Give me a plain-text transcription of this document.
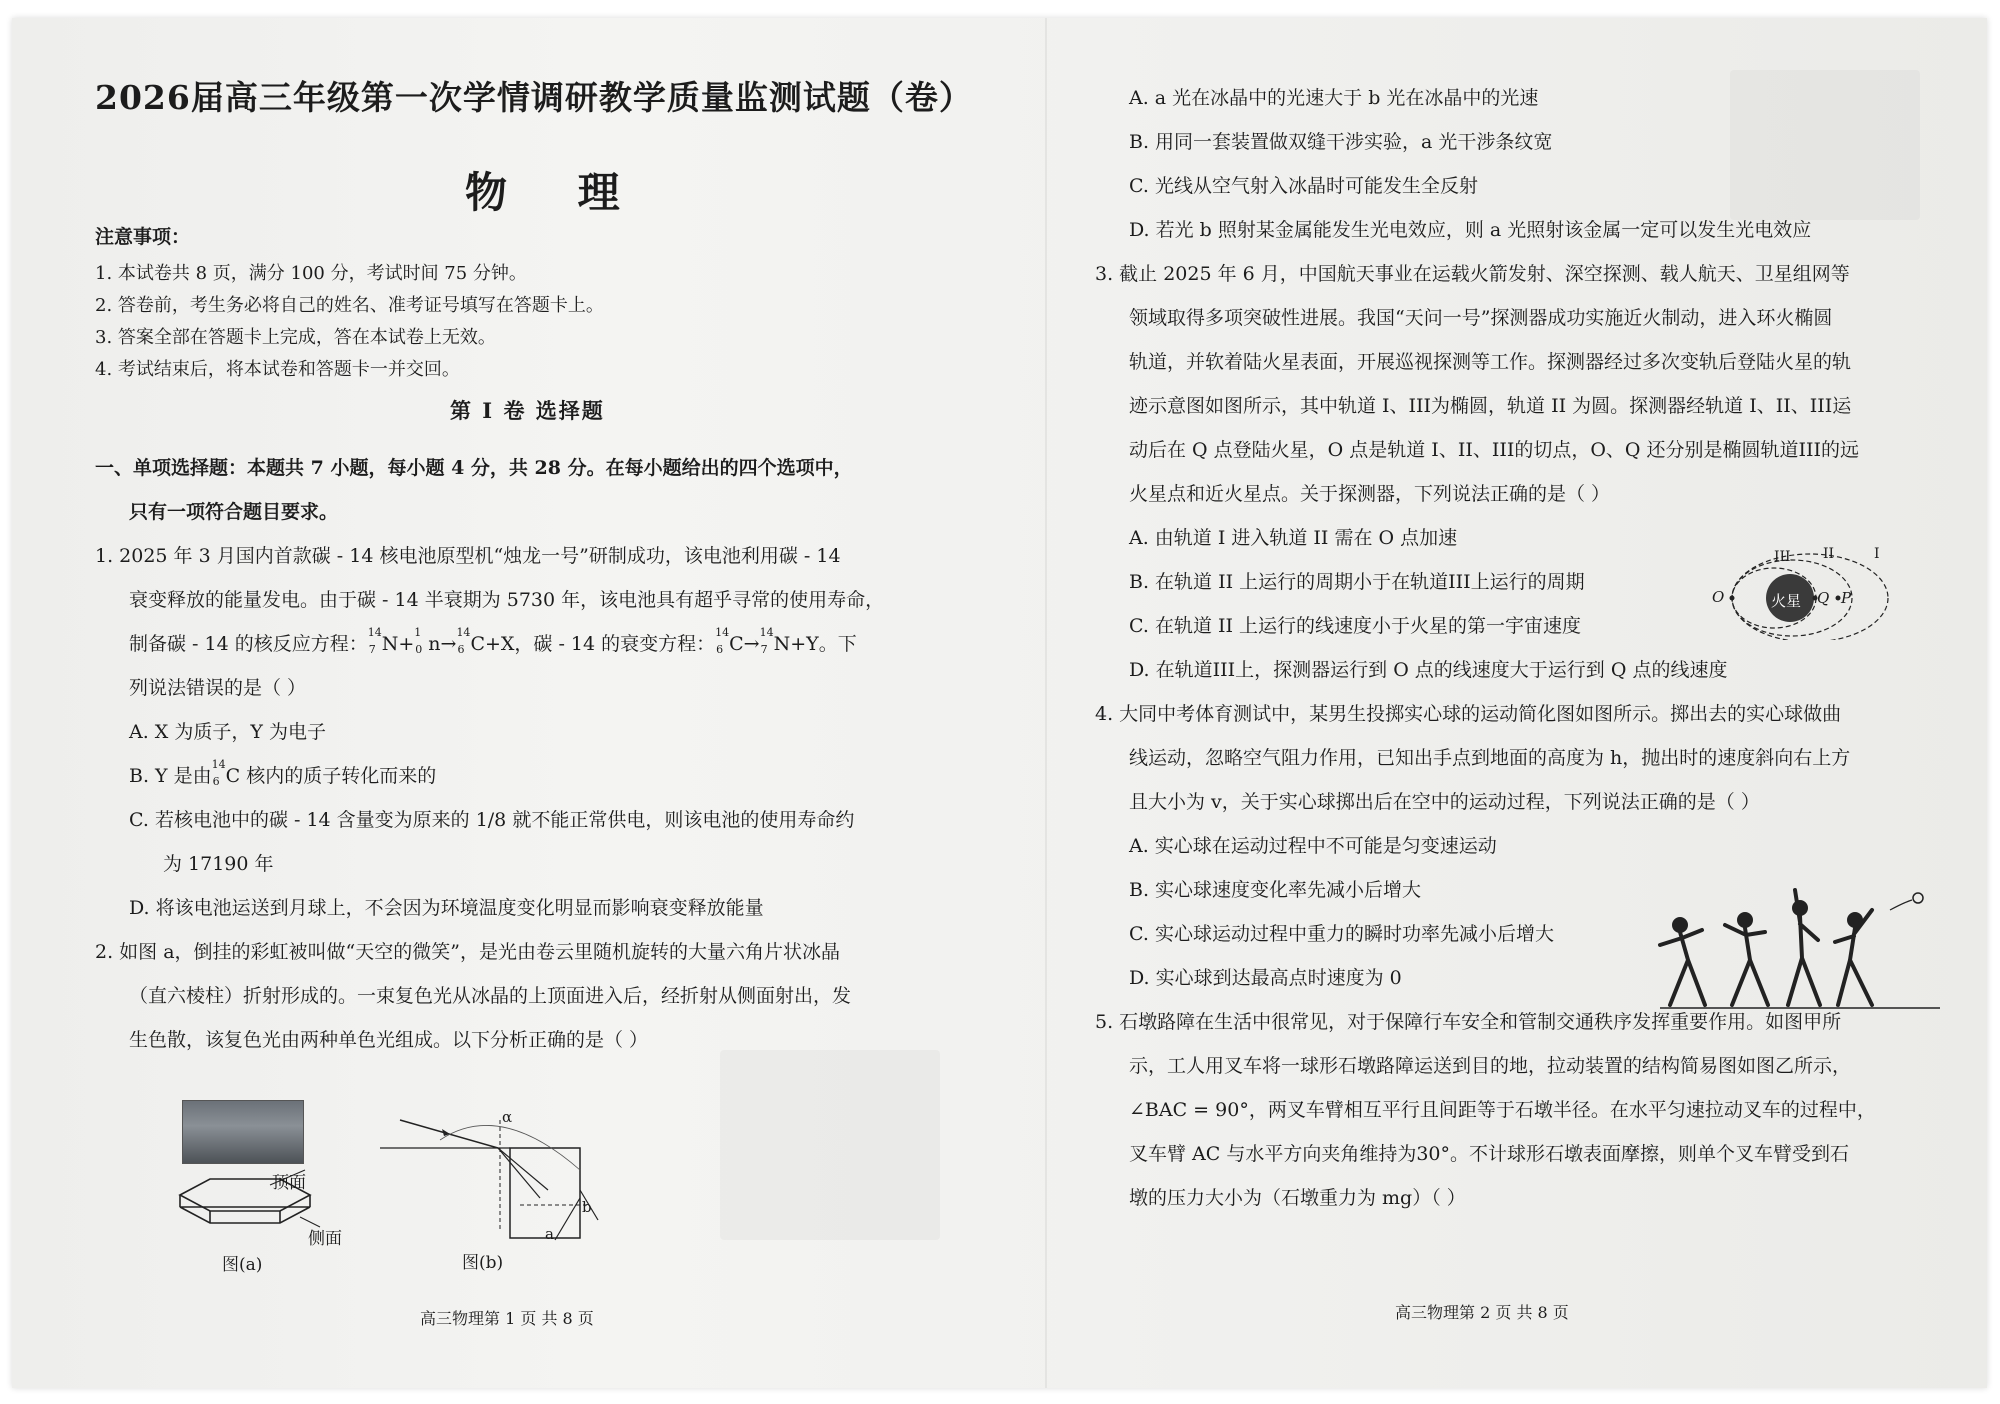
2026届高三年级第一次学情调研教学质量监测试题（卷）
物 理
注意事项：
1. 本试卷共 8 页，满分 100 分，考试时间 75 分钟。
2. 答卷前，考生务必将自己的姓名、准考证号填写在答题卡上。
3. 答案全部在答题卡上完成，答在本试卷上无效。
4. 考试结束后，将本试卷和答题卡一并交回。
第 I 卷 选择题
一、单项选择题：本题共 7 小题，每小题 4 分，共 28 分。在每小题给出的四个选项中，
只有一项符合题目要求。
1. 2025 年 3 月国内首款碳 - 14 核电池原型机“烛龙一号”研制成功，该电池利用碳 - 14
衰变释放的能量发电。由于碳 - 14 半衰期为 5730 年，该电池具有超乎寻常的使用寿命，
制备碳 - 14 的核反应方程：
14
7 N+
1
0 n→
14
6 C+X，碳 - 14 的衰变方程：
14
6 C→
14
7 N+Y。下
列说法错误的是（ ）
A. X 为质子，Y 为电子
B. Y 是由
14
6 C 核内的质子转化而来的
C. 若核电池中的碳 - 14 含量变为原来的 1/8 就不能正常供电，则该电池的使用寿命约
为 17190 年
D. 将该电池运送到月球上，不会因为环境温度变化明显而影响衰变释放能量
2. 如图 a，倒挂的彩虹被叫做“天空的微笑”，是光由卷云里随机旋转的大量六角片状冰晶
（直六棱柱）折射形成的。一束复色光从冰晶的上顶面进入后，经折射从侧面射出，发
生色散，该复色光由两种单色光组成。以下分析正确的是（ ）
顶面
侧面
图(a)
α
b
a
图(b)
高三物理第 1 页 共 8 页
A. a 光在冰晶中的光速大于 b 光在冰晶中的光速
B. 用同一套装置做双缝干涉实验，a 光干涉条纹宽
C. 光线从空气射入冰晶时可能发生全反射
D. 若光 b 照射某金属能发生光电效应，则 a 光照射该金属一定可以发生光电效应
3. 截止 2025 年 6 月，中国航天事业在运载火箭发射、深空探测、载人航天、卫星组网等
领域取得多项突破性进展。我国“天问一号”探测器成功实施近火制动，进入环火椭圆
轨道，并软着陆火星表面，开展巡视探测等工作。探测器经过多次变轨后登陆火星的轨
迹示意图如图所示，其中轨道 I、III为椭圆，轨道 II 为圆。探测器经轨道 I、II、III运
动后在 Q 点登陆火星，O 点是轨道 I、II、III的切点，O、Q 还分别是椭圆轨道III的远
火星点和近火星点。关于探测器，下列说法正确的是（ ）
A. 由轨道 I 进入轨道 II 需在 O 点加速
B. 在轨道 II 上运行的周期小于在轨道III上运行的周期
C. 在轨道 II 上运行的线速度小于火星的第一宇宙速度
D. 在轨道III上，探测器运行到 O 点的线速度大于运行到 Q 点的线速度
4. 大同中考体育测试中，某男生投掷实心球的运动简化图如图所示。掷出去的实心球做曲
线运动，忽略空气阻力作用，已知出手点到地面的高度为 h，抛出时的速度斜向右上方
且大小为 v，关于实心球掷出后在空中的运动过程，下列说法正确的是（ ）
A. 实心球在运动过程中不可能是匀变速运动
B. 实心球速度变化率先减小后增大
C. 实心球运动过程中重力的瞬时功率先减小后增大
D. 实心球到达最高点时速度为 0
5. 石墩路障在生活中很常见，对于保障行车安全和管制交通秩序发挥重要作用。如图甲所
示，工人用叉车将一球形石墩路障运送到目的地，拉动装置的结构简易图如图乙所示，
∠BAC = 90°，两叉车臂相互平行且间距等于石墩半径。在水平匀速拉动叉车的过程中，
叉车臂 AC 与水平方向夹角维持为30°。不计球形石墩表面摩擦，则单个叉车臂受到石
墩的压力大小为（石墩重力为 mg）（ ）
火星
O	Q P
III II	I
高三物理第 2 页 共 8 页
